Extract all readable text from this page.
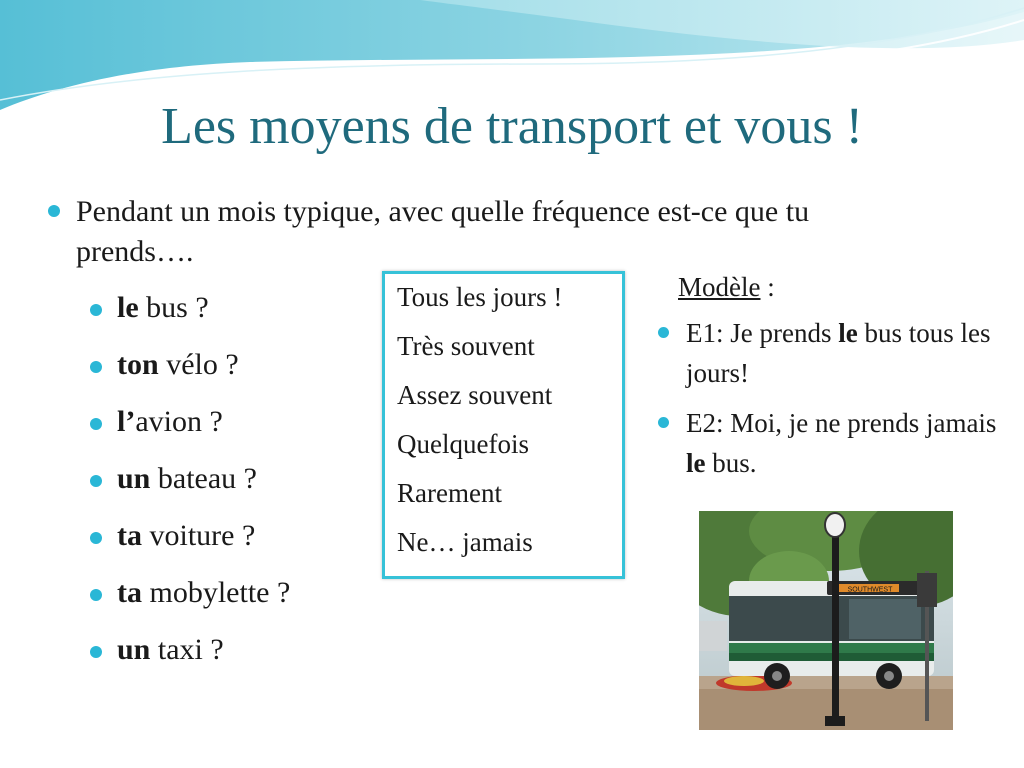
Les moyens de transport et vous !
Pendant un mois typique, avec quelle fréquence est-ce que tu prends….
le bus ?
ton vélo ?
l’avion ?
un bateau ?
ta voiture ?
ta mobylette ?
un taxi ?
Tous les jours !
Très souvent
Assez souvent
Quelquefois
Rarement
Ne… jamais
Modèle :
E1: Je prends le bus tous les jours!
E2: Moi, je ne prends jamais le bus.
SOUTHWEST
